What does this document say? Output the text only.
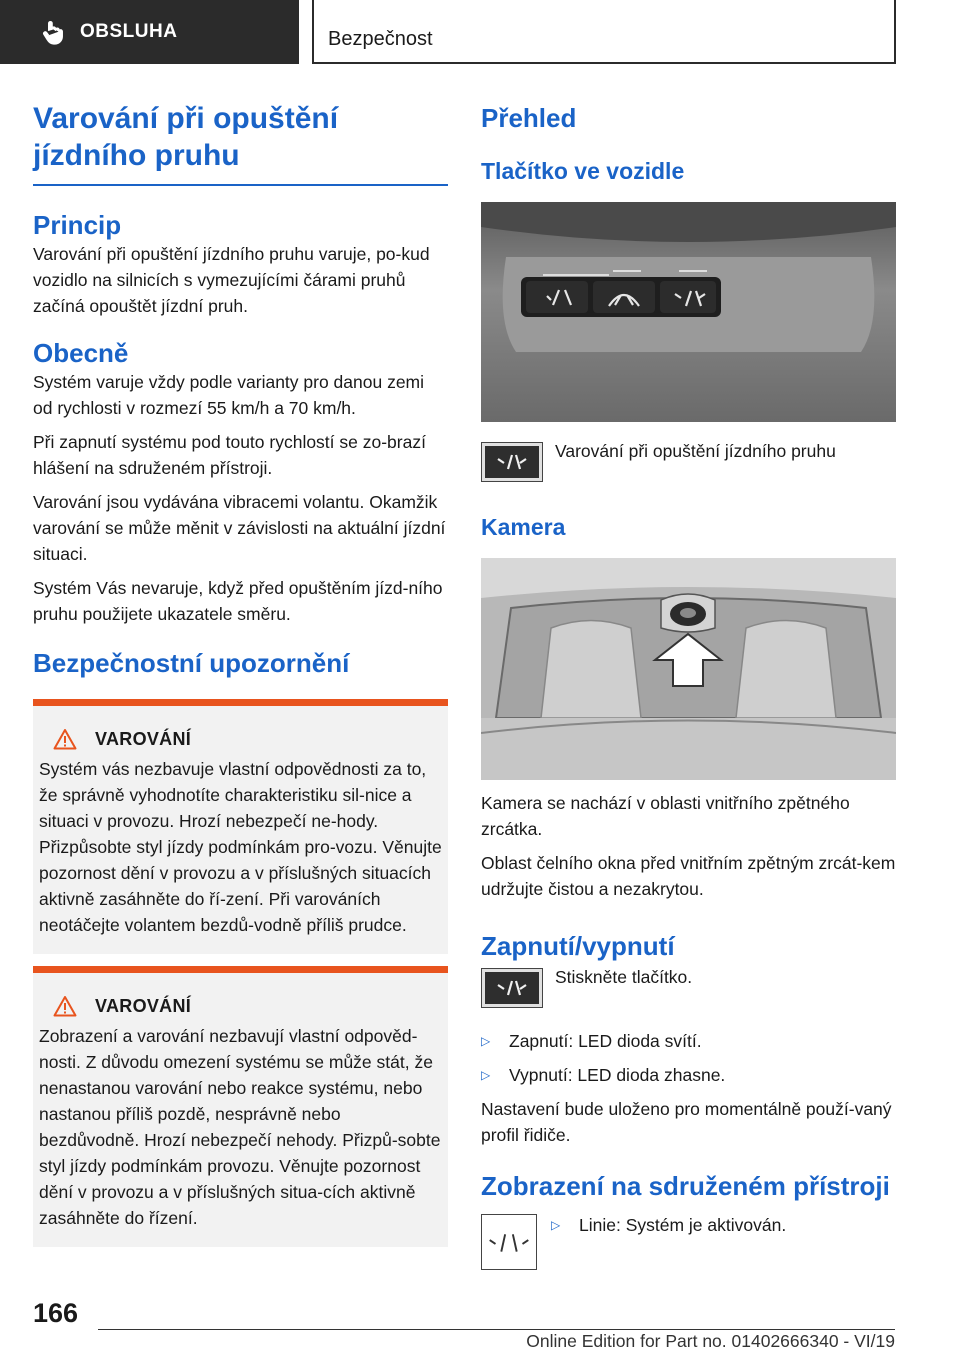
OBSLUHA	Bezpečnost
Varování při opuštění jízdního pruhu
Princip

Varování při opuštění jízdního pruhu varuje, po-kud vozidlo na silnicích s vymezujícími čárami pruhů začíná opouštět jízdní pruh.

Obecně

Systém varuje vždy podle varianty pro danou zemi od rychlosti v rozmezí 55 km/h a 70 km/h.

Při zapnutí systému pod touto rychlostí se zo-brazí hlášení na sdruženém přístroji.

Varování jsou vydávána vibracemi volantu. Okamžik varování se může měnit v závislosti na aktuální jízdní situaci.

Systém Vás nevaruje, když před opuštěním jízd-ního pruhu použijete ukazatele směru.

Bezpečnostní upozornění
VAROVÁNÍ

Systém vás nezbavuje vlastní odpovědnosti za to, že správně vyhodnotíte charakteristiku sil-nice a situaci v provozu. Hrozí nebezpečí ne-hody. Přizpůsobte styl jízdy podmínkám pro-vozu. Věnujte pozornost dění v provozu a v příslušných situacích aktivně zasáhněte do ří-zení. Při varováních neotáčejte volantem bezdů-vodně příliš prudce.

VAROVÁNÍ

Zobrazení a varování nezbavují vlastní odpověd-nosti. Z důvodu omezení systému se může stát, že nenastanou varování nebo reakce systému, nebo nastanou příliš pozdě, nesprávně nebo bezdůvodně. Hrozí nebezpečí nehody. Přizpů-sobte styl jízdy podmínkám provozu. Věnujte pozornost dění v provozu a v příslušných situa-cích aktivně zasáhněte do řízení.

Přehled
Tlačítko ve vozidle

Varování při opuštění jízdního pruhu

Kamera

Kamera se nachází v oblasti vnitřního zpětného zrcátka.

Oblast čelního okna před vnitřním zpětným zrcát-kem udržujte čistou a nezakrytou.

Zapnutí/vypnutí

Stiskněte tlačítko.

▷	Zapnutí: LED dioda svítí.
▷	Vypnutí: LED dioda zhasne.

Nastavení bude uloženo pro momentálně použí-vaný profil řidiče.

Zobrazení na sdruženém přístroji
▷	Linie: Systém je aktivován.
166
Online Edition for Part no. 01402666340 - VI/19
